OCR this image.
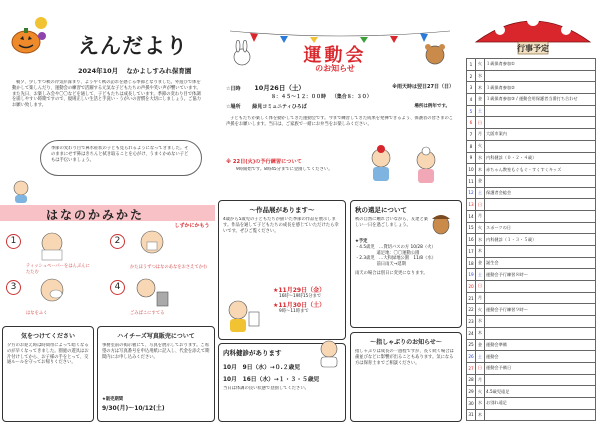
えんだより
2024年10月 なかよしすみれ保育園
朝夕、少しずつ秋の冷気が深まり、ようやく秋の訪れを感じる季節となりました。外遊びで体を動かして楽しんだり、運動会の練習で活躍する元気な子どもたちの声援や笑い声が響いています。また先日、お楽しみ会や〇〇などを通して、子どもたちは成長しています。季節の変わり目で体調を崩しやすい時期ですので、規則正しい生活と手洗い・うがいの習慣を大切にしましょう。ご協力お願い致します。
季節の変わり目で鼻水症状の子ども見られるようになってきました。そのままにせず鼻はきちんと拭き取ることを心がけ、うまくかめない子どもは手伝いましょう。
はなのかみかた
しずかにかもう
1
ティッシュペーパーをはんぶんにたたむ
2
かたほうずつはなのあなをおさえてかむ
3
はなをふく
4
ごみばこにすてる
気をつけてください
夕方のお迎え時は時間帯によって暗くなるのが早くなってきました。園庭の遊具はお片付けしてから、お子様の手をとって、交通ルールを守ってお帰りください。
ハイチーズ写真販売について
事務室前の掲示板にて、写真を展示しております。ご希望の方は写真番号を申込用紙に記入し、代金を添えて期間内にお申し込みください。
★販売期間
9/30(月)〜10/12(土)
運動会
のお知らせ
☆日時 10月26日（土）	※雨天時は翌日27日（日）
８：４５〜１２：００時 （集合８：３０）
☆場所 緑見コミュニティひろば	場所は例年です。
子どもたちが楽しく体を動かしてきた運動会です。今まで練習してきた成果を発揮できるよう、保護者の皆さまのご声援をお願いします。当日は、ご家族で一緒にお弁当をお楽しみください。
※ 22日(火)の予行練習について
9時開始です。8時45分までに登園してください。
〜作品展があります〜
4歳から5歳児の子どもたちが描いた季節の作品を展示します。作品を通して子どもたちの成長を感じていただけたら幸いです。ぜひご覧ください。
★11月29日（金）
16時〜19時15分まで
★11月30日（土）
9時〜11時まで
秋の遠足について
秋の自然に触れ合いながら、友達と楽しい一日を過ごしましょう。
★予定
・4.5歳児　…貸切バスの方 10/28（火）
　　　　　遠足地：〇〇運動公園
・2.3歳児　…大和緑地公園　11/8（水）
　　　　　前日雨天→延期
雨天の場合は別日に変更になります。
内科健診があります
10月　9日（水）→０.２歳児
10月　16日（水）→１・３・５歳児
当日は体調の良い状態で登園してください。
〜指しゃぶりのお知らせ〜
指しゃぶりは成長の一過程ですが、長く続く場合は歯並びなどに影響が出ることもあります。気になる方は保育士までご相談ください。
行事予定
1	火	１歳保育参加①
2	水	
3	木	１歳保育参加②
4	金	１歳保育参加③ / 運動会用保護者当番打ち合わせ
5	土	
6	日	
7	月	大阪市案内
8	火	
9	水	内科健診（０・２・４歳）
10	木	赤ちゃん教室もぐもぐ・すくすくキッズ
11	金	
12	土	保護者会総会
13	日	
14	月	
15	火	スポーツの日
16	水	内科健診（１・３・５歳）
17	木	
18	金	誕生会
19	土	運動会予行練習８時〜
20	日	
21	月	
22	火	運動会予行練習９時〜
23	水	
24	木	
25	金	運動会準備
26	土	運動会
27	日	運動会予備日
28	月	
29	火	4.5歳児遠足
30	水	お別れ遠足
31	木	
